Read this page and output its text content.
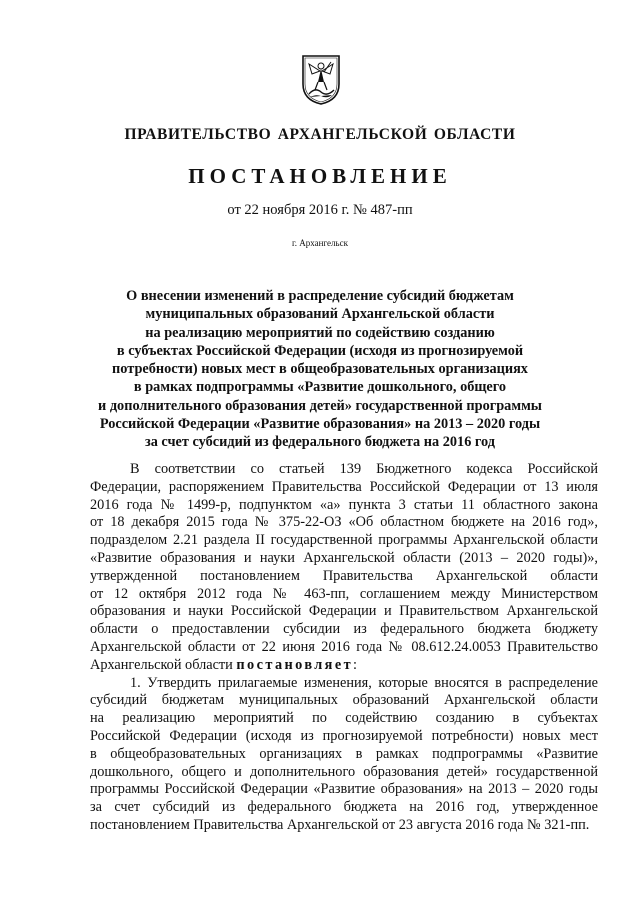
ПРАВИТЕЛЬСТВО АРХАНГЕЛЬСКОЙ ОБЛАСТИ
ПОСТАНОВЛЕНИЕ
от 22 ноября 2016 г. № 487-пп
г. Архангельск
О внесении изменений в распределение субсидий бюджетам
муниципальных образований Архангельской области
на реализацию мероприятий по содействию созданию
в субъектах Российской Федерации (исходя из прогнозируемой
потребности) новых мест в общеобразовательных организациях
в рамках подпрограммы «Развитие дошкольного, общего
и дополнительного образования детей» государственной программы
Российской Федерации «Развитие образования» на 2013 – 2020 годы
за счет субсидий из федерального бюджета на 2016 год
В соответствии со статьей 139 Бюджетного кодекса Российской
Федерации, распоряжением Правительства Российской Федерации от 13 июля
2016 года № 1499-р, подпунктом «а» пункта 3 статьи 11 областного закона
от 18 декабря 2015 года № 375-22-ОЗ «Об областном бюджете на 2016 год»,
подразделом 2.21 раздела II государственной программы Архангельской области
«Развитие образования и науки Архангельской области (2013 – 2020 годы)»,
утвержденной постановлением Правительства Архангельской области
от 12 октября 2012 года № 463-пп, соглашением между Министерством
образования и науки Российской Федерации и Правительством Архангельской
области о предоставлении субсидии из федерального бюджета бюджету
Архангельской области от 22 июня 2016 года № 08.612.24.0053 Правительство
Архангельской области постановляет:
1. Утвердить прилагаемые изменения, которые вносятся в распределение
субсидий бюджетам муниципальных образований Архангельской области
на реализацию мероприятий по содействию созданию в субъектах
Российской Федерации (исходя из прогнозируемой потребности) новых мест
в общеобразовательных организациях в рамках подпрограммы «Развитие
дошкольного, общего и дополнительного образования детей» государственной
программы Российской Федерации «Развитие образования» на 2013 – 2020 годы
за счет субсидий из федерального бюджета на 2016 год, утвержденное
постановлением Правительства Архангельской от 23 августа 2016 года № 321-пп.
